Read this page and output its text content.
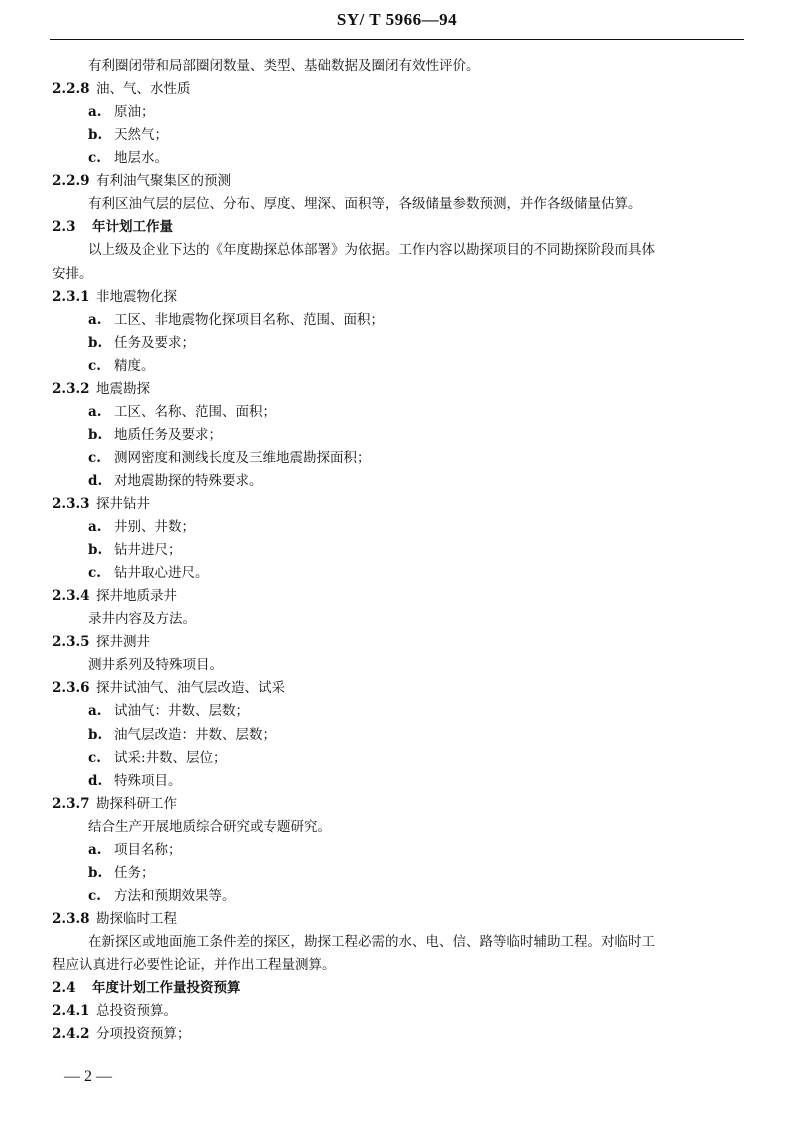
SY/ T 5966—94
有利圈闭带和局部圈闭数量、类型、基础数据及圈闭有效性评价。
2.2.8 油、气、水性质
a. 原油；
b. 天然气；
c. 地层水。
2.2.9 有利油气聚集区的预测
有利区油气层的层位、分布、厚度、埋深、面积等，各级储量参数预测，并作各级储量估算。
2.3 年计划工作量
以上级及企业下达的《年度勘探总体部署》为依据。工作内容以勘探项目的不同勘探阶段而具体
安排。
2.3.1 非地震物化探
a. 工区、非地震物化探项目名称、范围、面积；
b. 任务及要求；
c. 精度。
2.3.2 地震勘探
a. 工区、名称、范围、面积；
b. 地质任务及要求；
c. 测网密度和测线长度及三维地震勘探面积；
d. 对地震勘探的特殊要求。
2.3.3 探井钻井
a. 井别、井数；
b. 钻井进尺；
c. 钻井取心进尺。
2.3.4 探井地质录井
录井内容及方法。
2.3.5 探井测井
测井系列及特殊项目。
2.3.6 探井试油气、油气层改造、试采
a. 试油气：井数、层数；
b. 油气层改造：井数、层数；
c. 试采:井数、层位；
d. 特殊项目。
2.3.7 勘探科研工作
结合生产开展地质综合研究或专题研究。
a. 项目名称；
b. 任务；
c. 方法和预期效果等。
2.3.8 勘探临时工程
在新探区或地面施工条件差的探区，勘探工程必需的水、电、信、路等临时辅助工程。对临时工
程应认真进行必要性论证，并作出工程量测算。
2.4 年度计划工作量投资预算
2.4.1 总投资预算。
2.4.2 分项投资预算；
— 2 —
